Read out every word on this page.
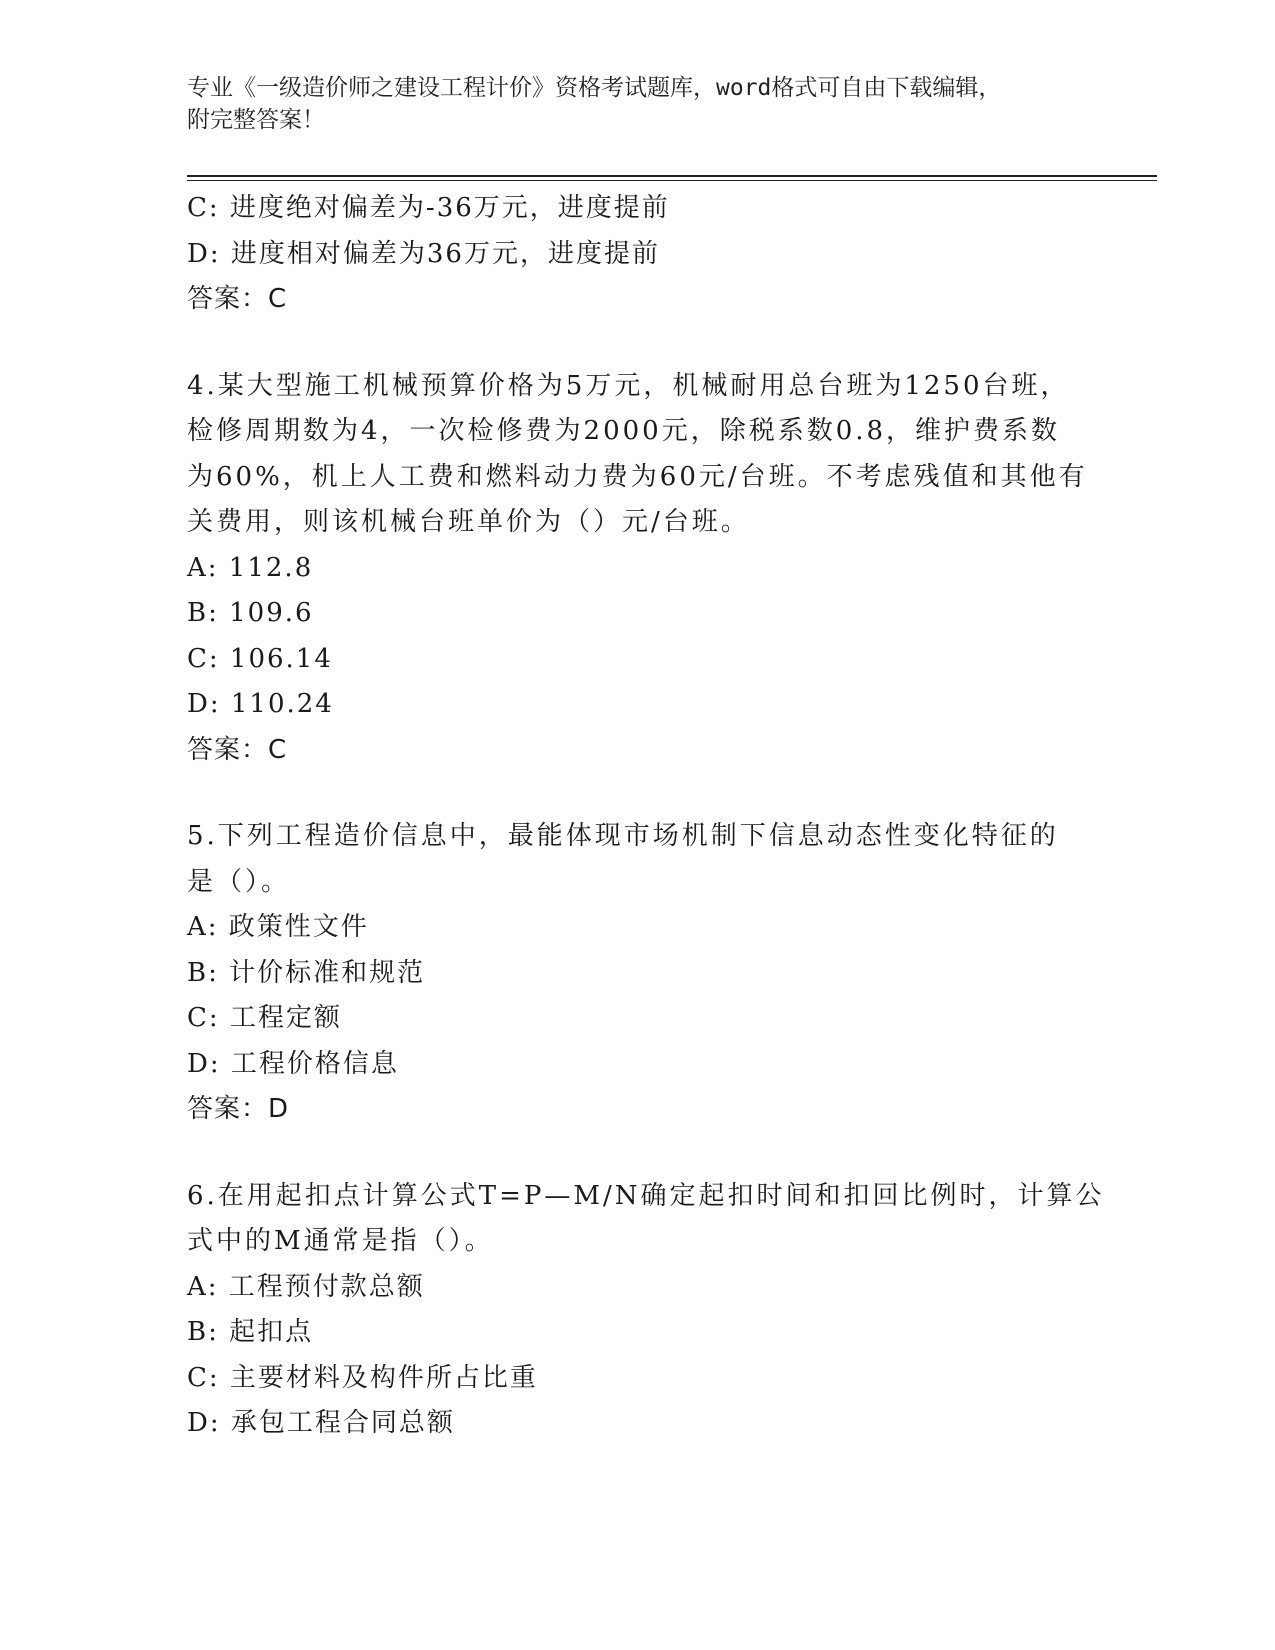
专业《一级造价师之建设工程计价》资格考试题库，word格式可自由下载编辑，
附完整答案！
C: 进度绝对偏差为-36万元，进度提前
D: 进度相对偏差为36万元，进度提前
答案：C
4.某大型施工机械预算价格为5万元，机械耐用总台班为1250台班，
检修周期数为4，一次检修费为2000元，除税系数0.8，维护费系数
为60%，机上人工费和燃料动力费为60元/台班。不考虑残值和其他有
关费用，则该机械台班单价为（）元/台班。
A: 112.8
B: 109.6
C: 106.14
D: 110.24
答案：C
5.下列工程造价信息中，最能体现市场机制下信息动态性变化特征的
是（）。
A: 政策性文件
B: 计价标准和规范
C: 工程定额
D: 工程价格信息
答案：D
6.在用起扣点计算公式T=P—M/N确定起扣时间和扣回比例时，计算公
式中的M通常是指（）。
A: 工程预付款总额
B: 起扣点
C: 主要材料及构件所占比重
D: 承包工程合同总额
